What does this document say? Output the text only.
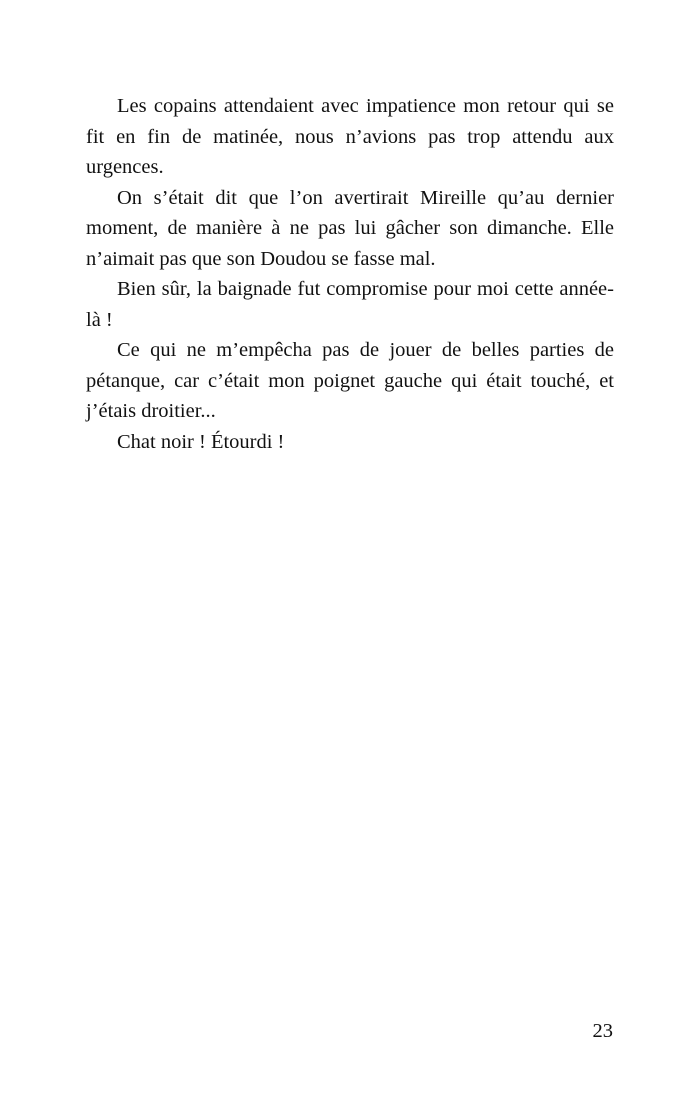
Les copains attendaient avec impatience mon retour qui se fit en fin de matinée, nous n’avions pas trop attendu aux urgences.

On s’était dit que l’on avertirait Mireille qu’au dernier moment, de manière à ne pas lui gâcher son dimanche. Elle n’aimait pas que son Doudou se fasse mal.

Bien sûr, la baignade fut compromise pour moi cette année-là !

Ce qui ne m’empêcha pas de jouer de belles parties de pétanque, car c’était mon poignet gauche qui était touché, et j’étais droitier...

Chat noir ! Étourdi !

23
